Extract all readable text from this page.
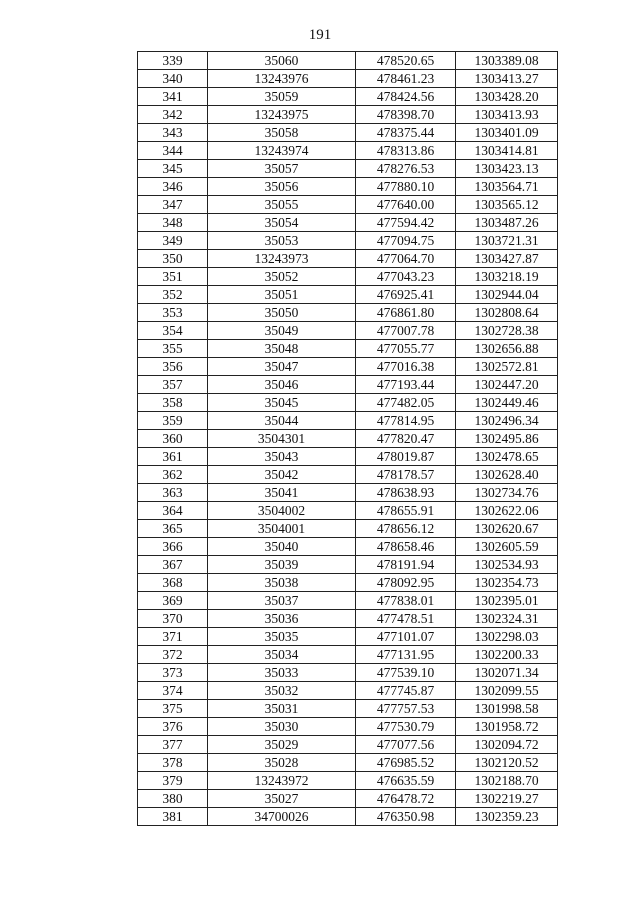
191
339	35060	478520.65	1303389.08
340	13243976	478461.23	1303413.27
341	35059	478424.56	1303428.20
342	13243975	478398.70	1303413.93
343	35058	478375.44	1303401.09
344	13243974	478313.86	1303414.81
345	35057	478276.53	1303423.13
346	35056	477880.10	1303564.71
347	35055	477640.00	1303565.12
348	35054	477594.42	1303487.26
349	35053	477094.75	1303721.31
350	13243973	477064.70	1303427.87
351	35052	477043.23	1303218.19
352	35051	476925.41	1302944.04
353	35050	476861.80	1302808.64
354	35049	477007.78	1302728.38
355	35048	477055.77	1302656.88
356	35047	477016.38	1302572.81
357	35046	477193.44	1302447.20
358	35045	477482.05	1302449.46
359	35044	477814.95	1302496.34
360	3504301	477820.47	1302495.86
361	35043	478019.87	1302478.65
362	35042	478178.57	1302628.40
363	35041	478638.93	1302734.76
364	3504002	478655.91	1302622.06
365	3504001	478656.12	1302620.67
366	35040	478658.46	1302605.59
367	35039	478191.94	1302534.93
368	35038	478092.95	1302354.73
369	35037	477838.01	1302395.01
370	35036	477478.51	1302324.31
371	35035	477101.07	1302298.03
372	35034	477131.95	1302200.33
373	35033	477539.10	1302071.34
374	35032	477745.87	1302099.55
375	35031	477757.53	1301998.58
376	35030	477530.79	1301958.72
377	35029	477077.56	1302094.72
378	35028	476985.52	1302120.52
379	13243972	476635.59	1302188.70
380	35027	476478.72	1302219.27
381	34700026	476350.98	1302359.23
